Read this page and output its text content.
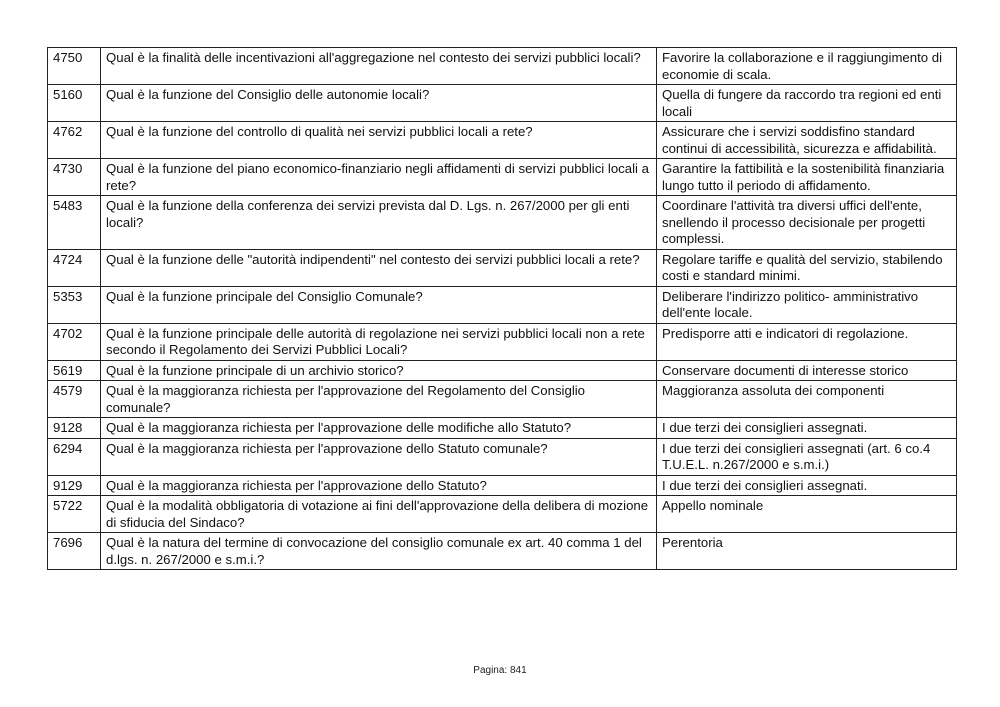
4750	Qual è la finalità delle incentivazioni all'aggregazione nel contesto dei servizi pubblici locali?	Favorire la collaborazione e il raggiungimento di economie di scala.
5160	Qual è la funzione del Consiglio delle autonomie locali?	Quella di fungere da raccordo tra regioni ed enti locali
4762	Qual è la funzione del controllo di qualità nei servizi pubblici locali a rete?	Assicurare che i servizi soddisfino standard continui di accessibilità, sicurezza e affidabilità.
4730	Qual è la funzione del piano economico-finanziario negli affidamenti di servizi pubblici locali a rete?	Garantire la fattibilità e la sostenibilità finanziaria lungo tutto il periodo di affidamento.
5483	Qual è la funzione della conferenza dei servizi prevista dal D. Lgs. n. 267/2000 per gli enti locali?	Coordinare l'attività tra diversi uffici dell'ente, snellendo il processo decisionale per progetti complessi.
4724	Qual è la funzione delle "autorità indipendenti" nel contesto dei servizi pubblici locali a rete?	Regolare tariffe e qualità del servizio, stabilendo costi e standard minimi.
5353	Qual è la funzione principale del Consiglio Comunale?	Deliberare l'indirizzo politico- amministrativo dell'ente locale.
4702	Qual è la funzione principale delle autorità di regolazione nei servizi pubblici locali non a rete secondo il Regolamento dei Servizi Pubblici Locali?	Predisporre atti e indicatori di regolazione.
5619	Qual è la funzione principale di un archivio storico?	Conservare documenti di interesse storico
4579	Qual è la maggioranza richiesta per l'approvazione del Regolamento del Consiglio comunale?	Maggioranza assoluta dei componenti
9128	Qual è la maggioranza richiesta per l'approvazione delle modifiche allo Statuto?	I due terzi dei consiglieri assegnati.
6294	Qual è la maggioranza richiesta per l'approvazione dello Statuto comunale?	I due terzi dei consiglieri assegnati (art. 6 co.4 T.U.E.L. n.267/2000 e s.m.i.)
9129	Qual è la maggioranza richiesta per l'approvazione dello Statuto?	I due terzi dei consiglieri assegnati.
5722	Qual è la modalità obbligatoria di votazione ai fini dell'approvazione della delibera di mozione di sfiducia del Sindaco?	Appello nominale
7696	Qual è la natura del termine di convocazione del consiglio comunale ex art. 40 comma 1 del d.lgs. n. 267/2000 e s.m.i.?	Perentoria
Pagina: 841
